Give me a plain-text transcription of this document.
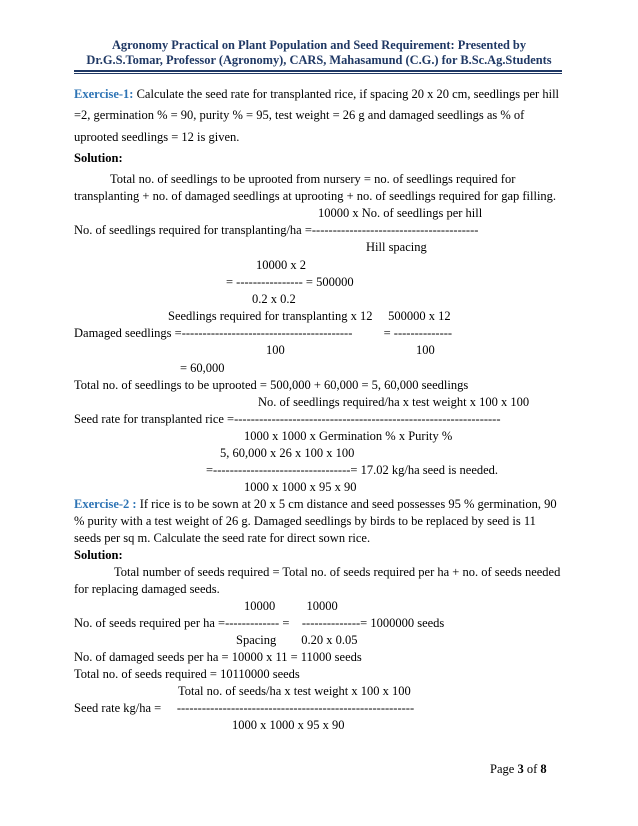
Agronomy Practical on Plant Population and Seed Requirement: Presented by
Dr.G.S.Tomar, Professor (Agronomy), CARS, Mahasamund (C.G.) for B.Sc.Ag.Students
Exercise-1: Calculate the seed rate for transplanted rice, if spacing 20 x 20 cm, seedlings per hill
=2, germination % = 90, purity % = 95, test weight = 26 g and damaged seedlings as % of
uprooted seedlings = 12 is given.
Solution:
Total no. of seedlings to be uprooted from nursery = no. of seedlings required for
transplanting + no. of damaged seedlings at uprooting + no. of seedlings required for gap filling.
10000 x No. of seedlings per hill
No. of seedlings required for transplanting/ha =----------------------------------------
Hill spacing
10000 x 2
= ---------------- = 500000
0.2 x 0.2
Seedlings required for transplanting x 12     500000 x 12
Damaged seedlings =-----------------------------------------          = --------------
100                                          100
= 60,000
Total no. of seedlings to be uprooted = 500,000 + 60,000 = 5, 60,000 seedlings
No. of seedlings required/ha x test weight x 100 x 100
Seed rate for transplanted rice =----------------------------------------------------------------
1000 x 1000 x Germination % x Purity %
5, 60,000 x 26 x 100 x 100
=---------------------------------= 17.02 kg/ha seed is needed.
1000 x 1000 x 95 x 90
Exercise-2 : If rice is to be sown at 20 x 5 cm distance and seed possesses 95 % germination, 90
% purity with a test weight of 26 g. Damaged seedlings by birds to be replaced by seed is 11
seeds per sq m. Calculate the seed rate for direct sown rice.
Solution:
Total number of seeds required = Total no. of seeds required per ha + no. of seeds needed
for replacing damaged seeds.
10000          10000
No. of seeds required per ha =------------- =    --------------= 1000000 seeds
Spacing        0.20 x 0.05
No. of damaged seeds per ha = 10000 x 11 = 11000 seeds
Total no. of seeds required = 10110000 seeds
Total no. of seeds/ha x test weight x 100 x 100
Seed rate kg/ha =     ---------------------------------------------------------
1000 x 1000 x 95 x 90
Page 3 of 8
